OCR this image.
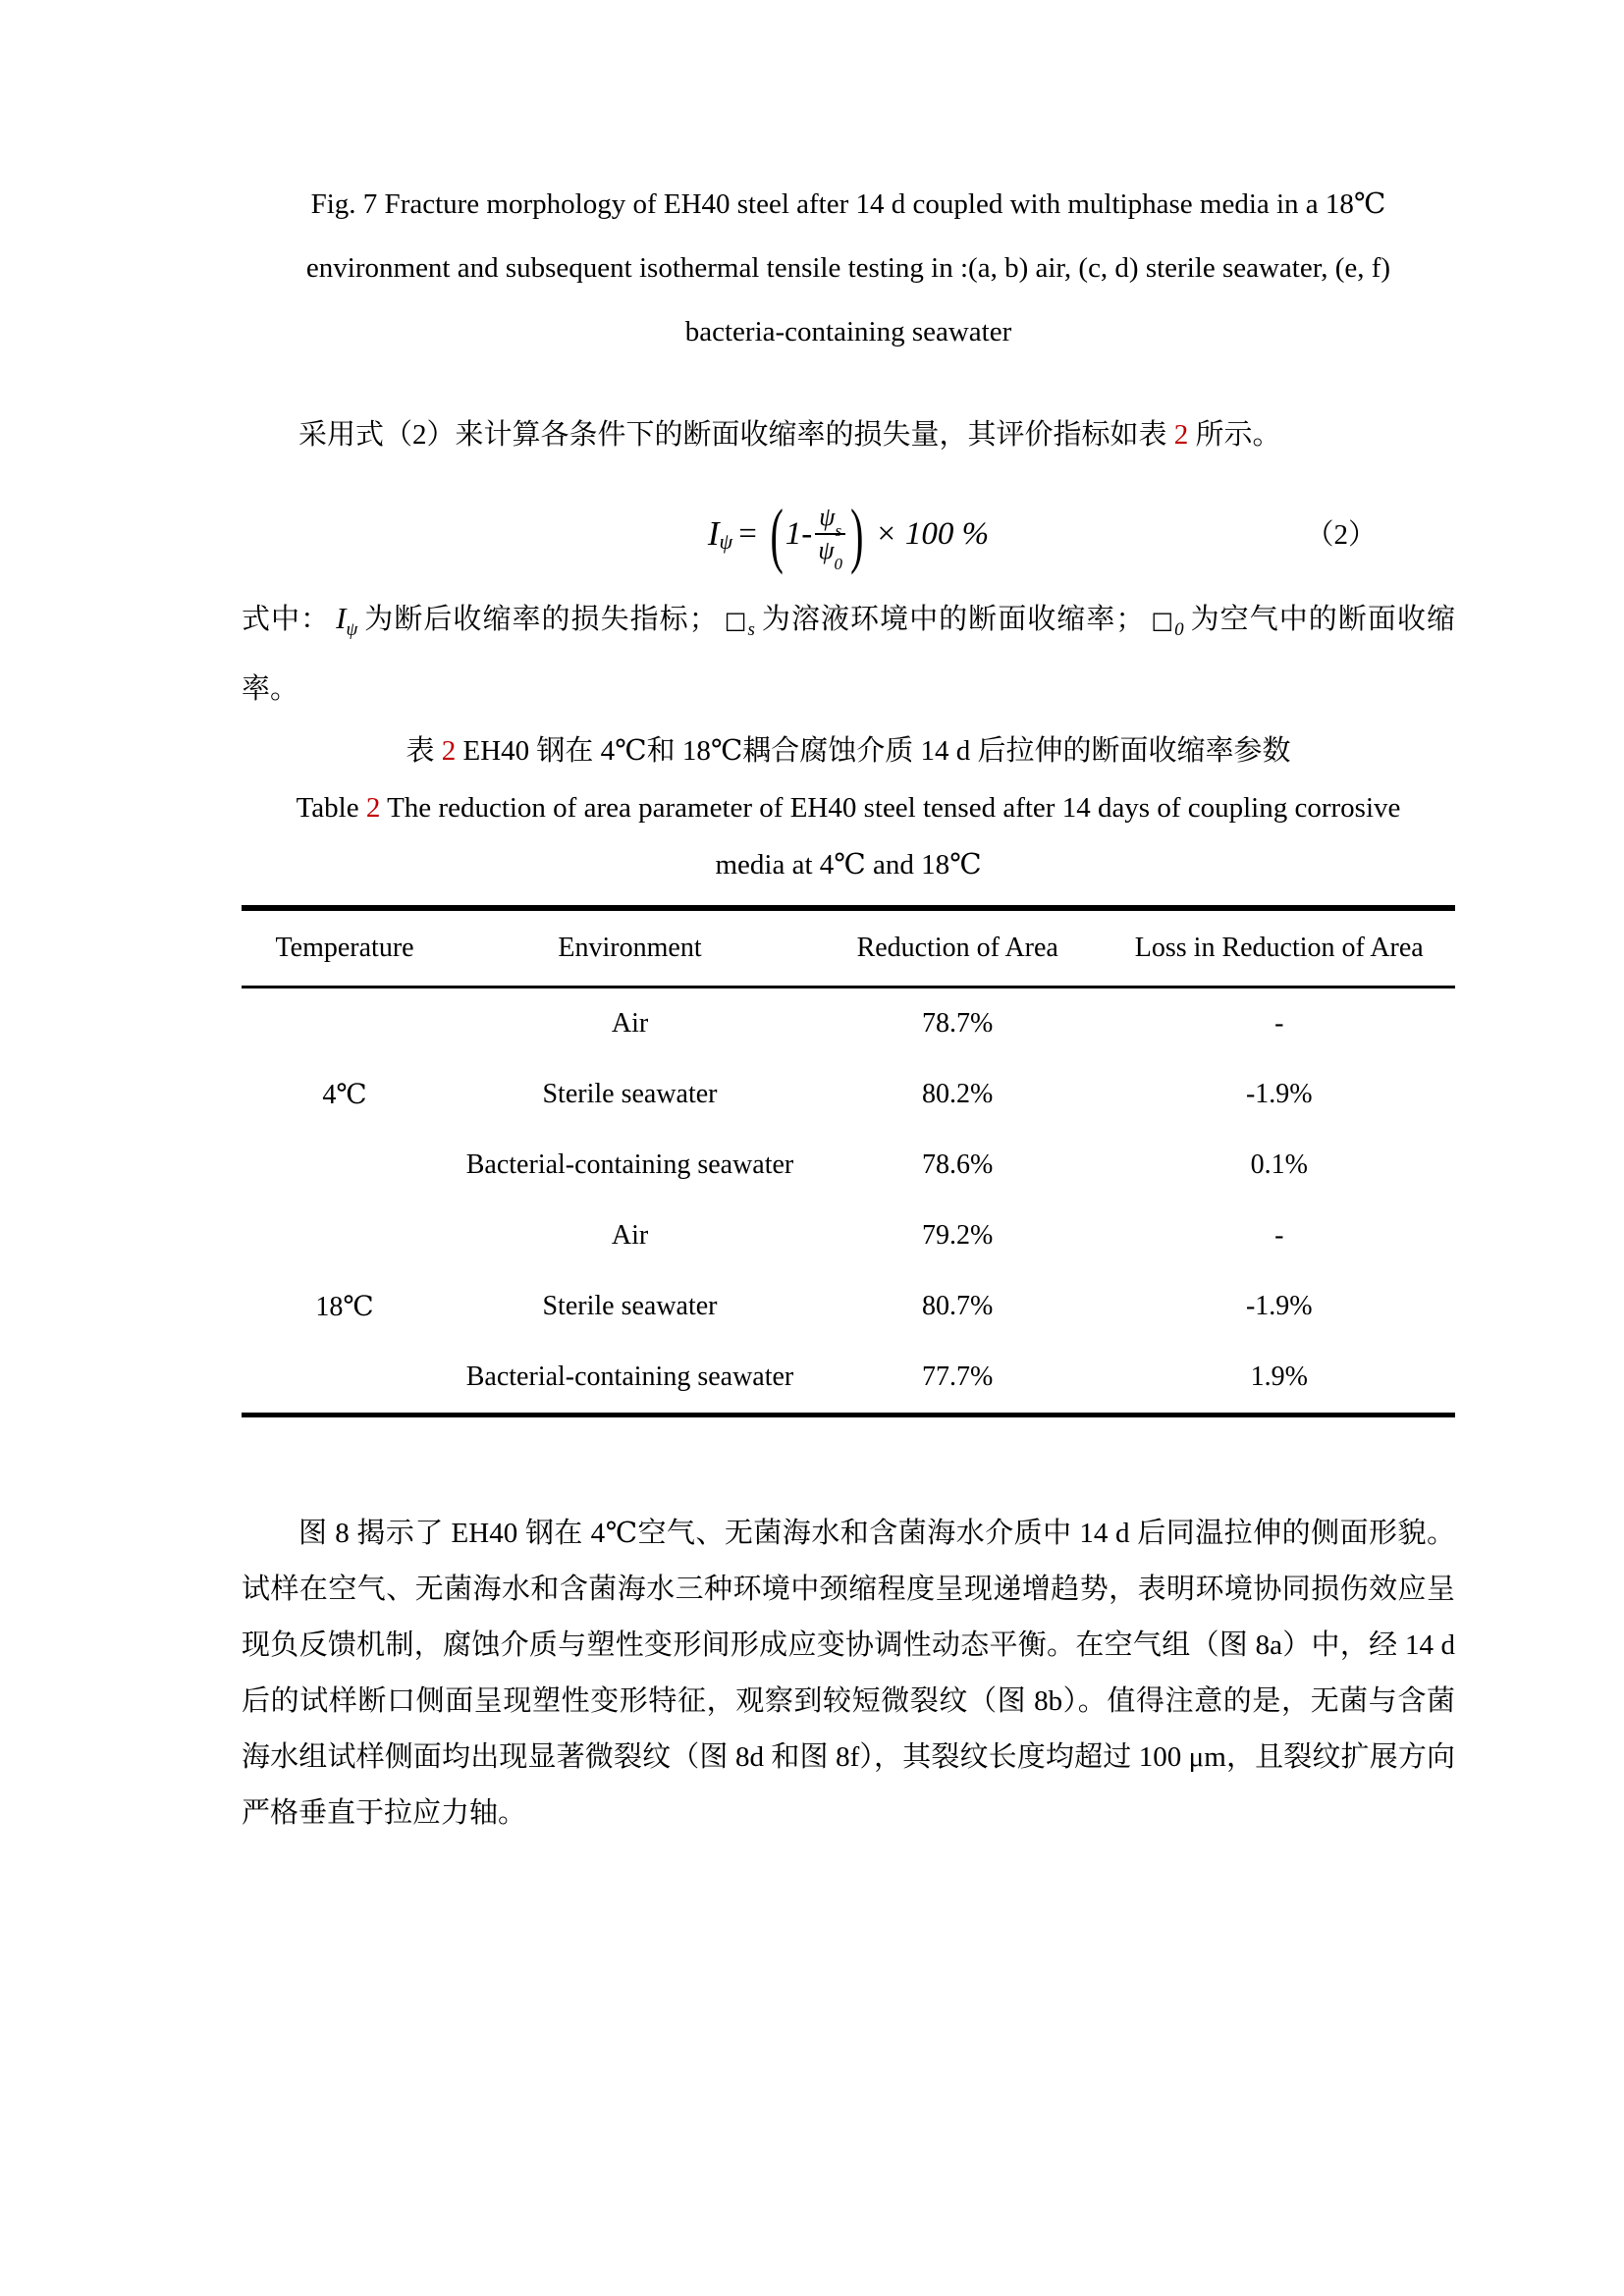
Fig. 7 Fracture morphology of EH40 steel after 14 d coupled with multiphase media in a 18℃
environment and subsequent isothermal tensile testing in :(a, b) air, (c, d) sterile seawater, (e, f)
bacteria-containing seawater
采用式（2）来计算各条件下的断面收缩率的损失量，其评价指标如表 2 所示。
$I_\psi$ = ( $1- \frac{\psi_s}{\psi_0}$ ) × 100 %	（2）
式中： $I_\psi$ 为断后收缩率的损失指标； $□_s$ 为溶液环境中的断面收缩率； $□_0$ 为空气中的断面收缩率。
表 2 EH40 钢在 4℃和 18℃耦合腐蚀介质 14 d 后拉伸的断面收缩率参数
Table 2 The reduction of area parameter of EH40 steel tensed after 14 days of coupling corrosive
media at 4℃ and 18℃
Temperature	Environment	Reduction of Area	Loss in Reduction of Area
4℃	Air	78.7%	-
	Sterile seawater	80.2%	-1.9%
	Bacterial-containing seawater	78.6%	0.1%
18℃	Air	79.2%	-
	Sterile seawater	80.7%	-1.9%
	Bacterial-containing seawater	77.7%	1.9%
图 8 揭示了 EH40 钢在 4℃空气、无菌海水和含菌海水介质中 14 d 后同温拉伸的侧面形貌。试样在空气、无菌海水和含菌海水三种环境中颈缩程度呈现递增趋势，表明环境协同损伤效应呈现负反馈机制，腐蚀介质与塑性变形间形成应变协调性动态平衡。在空气组（图 8a）中，经 14 d 后的试样断口侧面呈现塑性变形特征，观察到较短微裂纹（图 8b）。值得注意的是，无菌与含菌海水组试样侧面均出现显著微裂纹（图 8d 和图 8f），其裂纹长度均超过 100 μm，且裂纹扩展方向严格垂直于拉应力轴。
